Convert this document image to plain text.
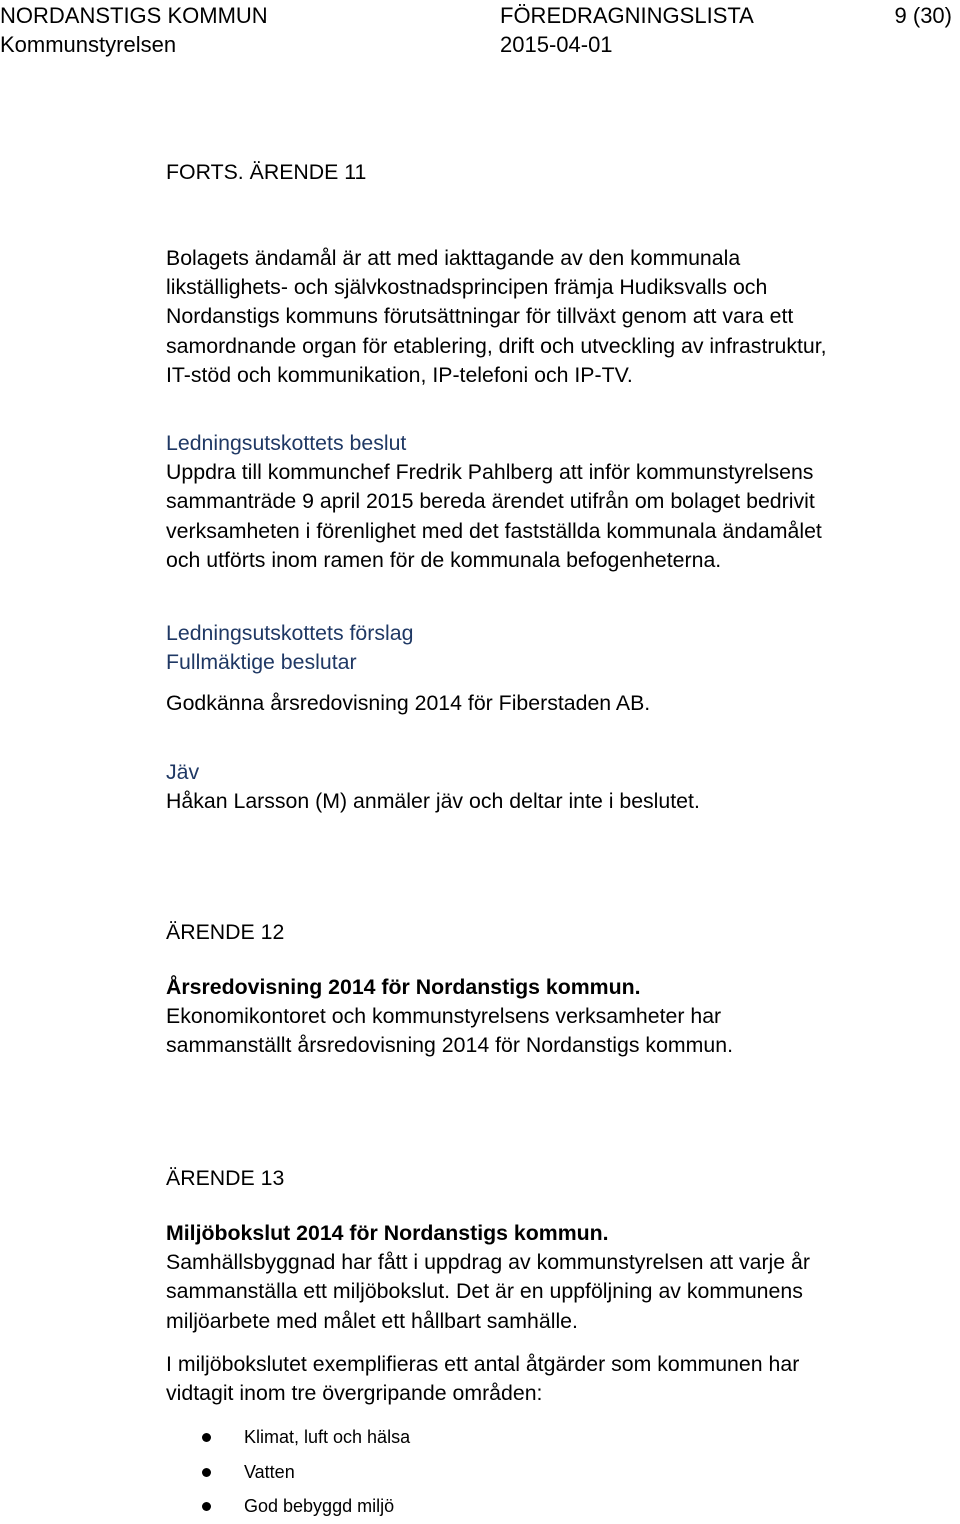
NORDANSTIGS KOMMUN
Kommunstyrelsen
FÖREDRAGNINGSLISTA
2015-04-01
9 (30)
FORTS. ÄRENDE 11

Bolagets ändamål är att med iakttagande av den kommunala

likställighets- och självkostnadsprincipen främja Hudiksvalls och

Nordanstigs kommuns förutsättningar för tillväxt genom att vara ett

samordnande organ för etablering, drift och utveckling av infrastruktur,

IT-stöd och kommunikation, IP-telefoni och IP-TV.

Ledningsutskottets beslut

Uppdra till kommunchef Fredrik Pahlberg att inför kommunstyrelsens

sammanträde 9 april 2015 bereda ärendet utifrån om bolaget bedrivit

verksamheten i förenlighet med det fastställda kommunala ändamålet

och utförts inom ramen för de kommunala befogenheterna.

Ledningsutskottets förslag

Fullmäktige beslutar

Godkänna årsredovisning 2014 för Fiberstaden AB.

Jäv

Håkan Larsson (M) anmäler jäv och deltar inte i beslutet.

ÄRENDE 12

Årsredovisning 2014 för Nordanstigs kommun.

Ekonomikontoret och kommunstyrelsens verksamheter har

sammanställt årsredovisning 2014 för Nordanstigs kommun.

ÄRENDE 13

Miljöbokslut 2014 för Nordanstigs kommun.

Samhällsbyggnad har fått i uppdrag av kommunstyrelsen att varje år

sammanställa ett miljöbokslut. Det är en uppföljning av kommunens

miljöarbete med målet ett hållbart samhälle.

I miljöbokslutet exemplifieras ett antal åtgärder som kommunen har

vidtagit inom tre övergripande områden:

Klimat, luft och hälsa
Vatten
God bebyggd miljö
